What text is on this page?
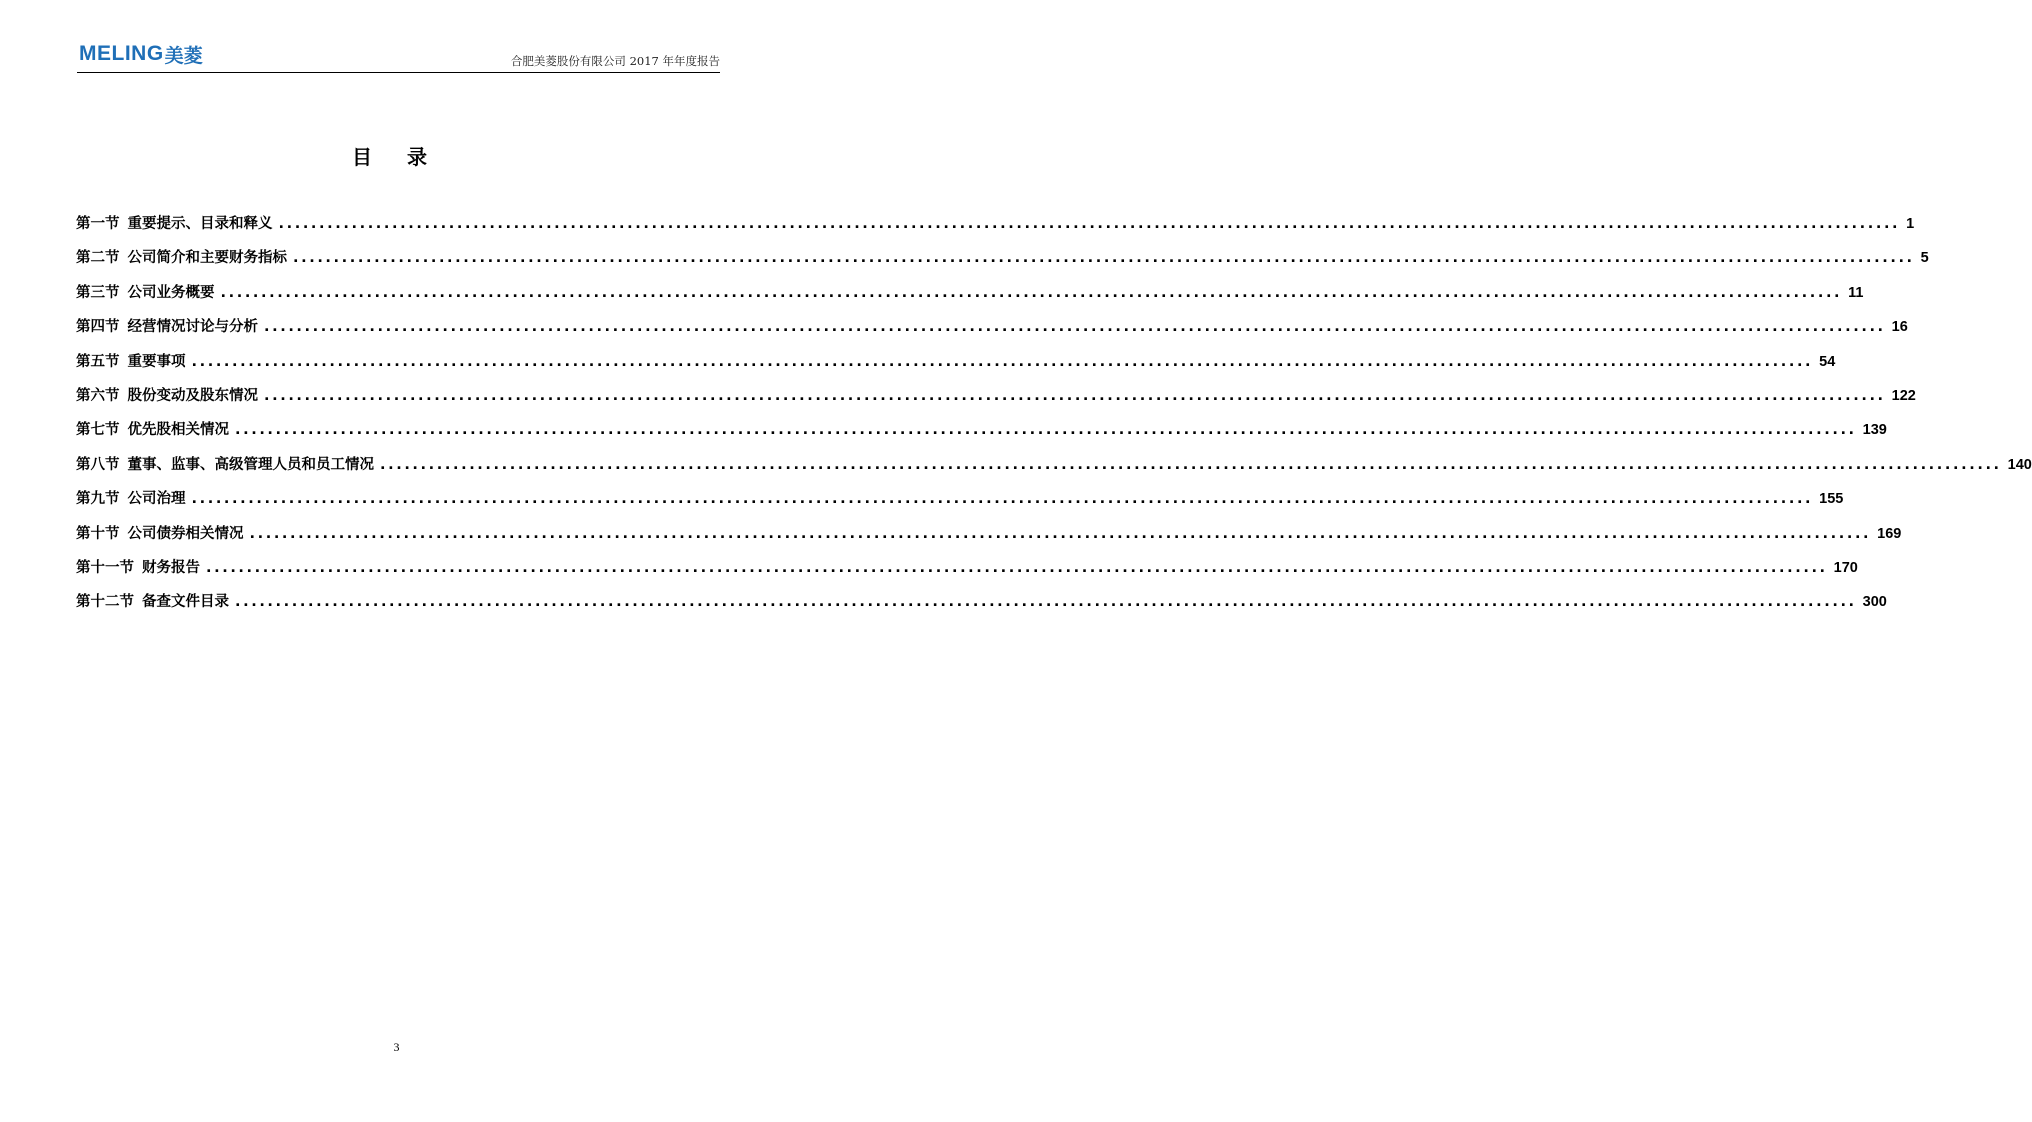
MELING 美菱	合肥美菱股份有限公司 2017 年年度报告
目 录
第一节 重要提示、目录和释义 ........................................................................................................................................................................................................ 1
第二节 公司简介和主要财务指标 ........................................................................................................................................................................................................ 5
第三节 公司业务概要 ........................................................................................................................................................................................................ 11
第四节 经营情况讨论与分析 ........................................................................................................................................................................................................ 16
第五节 重要事项 ........................................................................................................................................................................................................ 54
第六节 股份变动及股东情况 ........................................................................................................................................................................................................ 122
第七节 优先股相关情况 ........................................................................................................................................................................................................ 139
第八节 董事、监事、高级管理人员和员工情况 ........................................................................................................................................................................................................ 140
第九节 公司治理 ........................................................................................................................................................................................................ 155
第十节 公司债券相关情况 ........................................................................................................................................................................................................ 169
第十一节 财务报告 ........................................................................................................................................................................................................ 170
第十二节 备查文件目录 ........................................................................................................................................................................................................ 300
3
